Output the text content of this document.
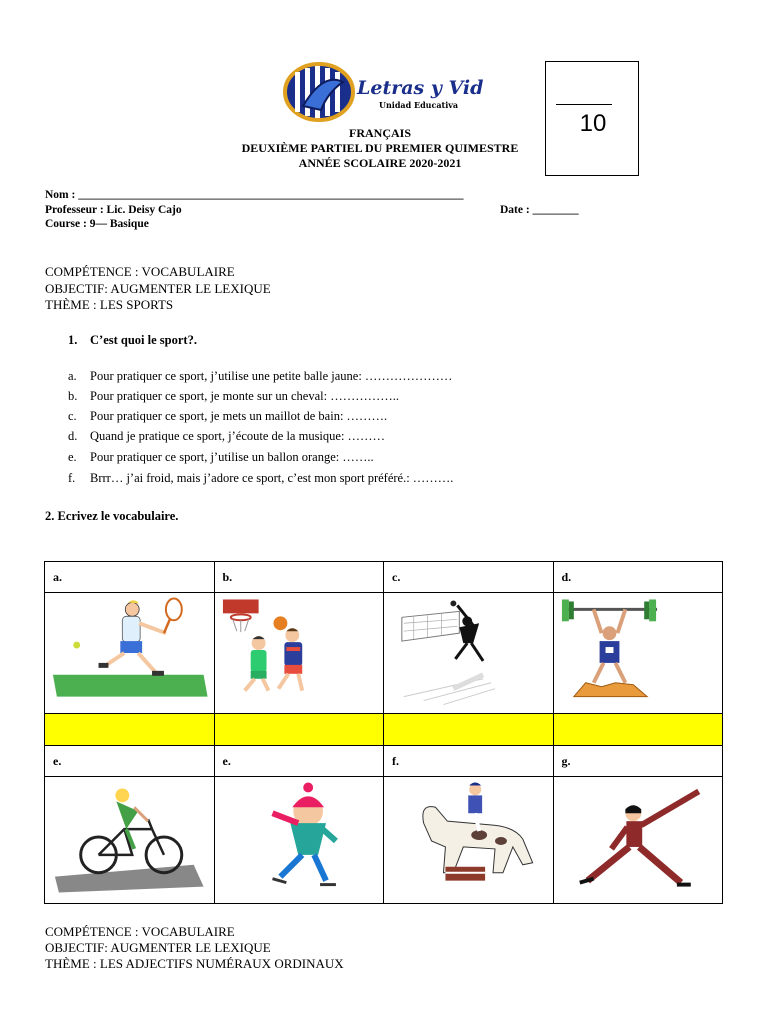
Letras y Vida
Unidad Educativa
FRANÇAIS
DEUXIÈME PARTIEL DU PREMIER QUIMESTRE
ANNÉE SCOLAIRE 2020-2021
10
Nom : ___________________________________________________________________
Professeur : Lic. Deisy Cajo	Date : ________
Course : 9— Basique
COMPÉTENCE : VOCABULAIRE
OBJECTIF: AUGMENTER LE LEXIQUE
THÈME : LES SPORTS
1. C’est quoi le sport?.
a. Pour pratiquer ce sport, j’utilise une petite balle jaune: …………………
b. Pour pratiquer ce sport, je monte sur un cheval: ……………..
c. Pour pratiquer ce sport, je mets un maillot de bain: ……….
d. Quand je pratique ce sport, j’écoute de la musique: ………
e. Pour pratiquer ce sport, j’utilise un ballon orange: ……..
f. Brrr… j’ai froid, mais j’adore ce sport, c’est mon sport préféré.: ……….
2. Ecrivez le vocabulaire.
a.	b.	c.	d.

e.	e.	f.	g.

COMPÉTENCE : VOCABULAIRE
OBJECTIF: AUGMENTER LE LEXIQUE
THÈME : LES ADJECTIFS NUMÉRAUX ORDINAUX
